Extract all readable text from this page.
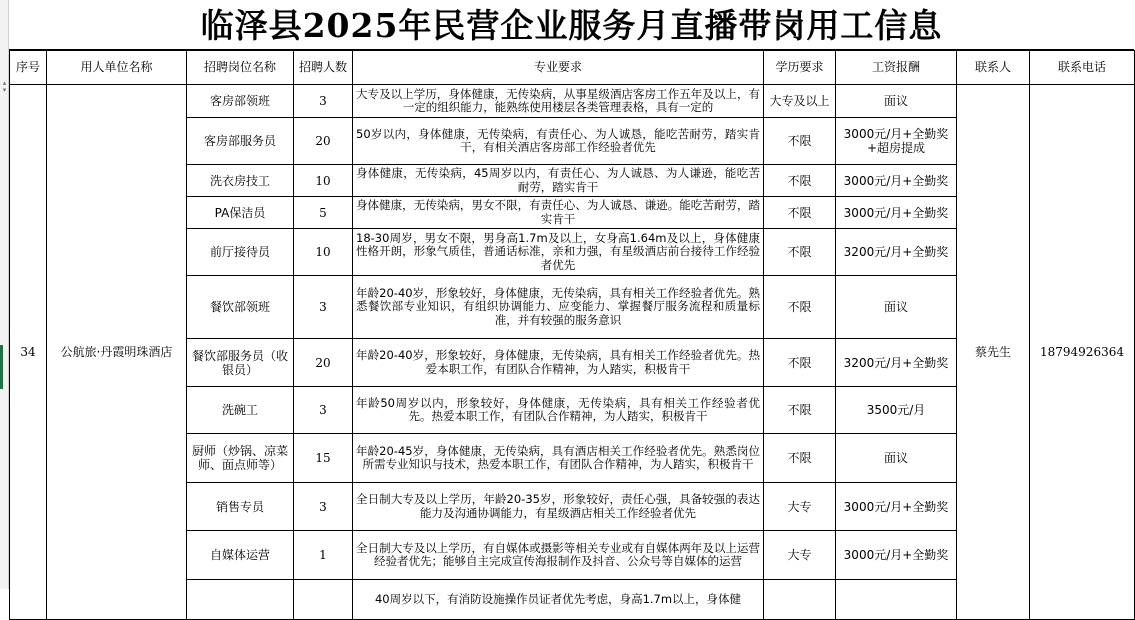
▴
▾
临泽县2025年民营企业服务月直播带岗用工信息
序号	用人单位名称	招聘岗位名称	招聘人数	专业要求	学历要求	工资报酬	联系人	联系电话
34	公航旅·丹霞明珠酒店	客房部领班	3	大专及以上学历，身体健康，无传染病，从事星级酒店客房工作五年及以上，有一定的组织能力，能熟练使用楼层各类管理表格，具有一定的	大专及以上	面议	蔡先生	18794926364
		客房部服务员	20	50岁以内，身体健康，无传染病，有责任心、为人诚恳，能吃苦耐劳，踏实肯干，有相关酒店客房部工作经验者优先	不限	3000元/月+全勤奖+超房提成		
		洗衣房技工	10	身体健康，无传染病，45周岁以内，有责任心、为人诚恳、为人谦逊，能吃苦耐劳，踏实肯干	不限	3000元/月+全勤奖		
		PA保洁员	5	身体健康，无传染病，男女不限，有责任心、为人诚恳、谦逊。能吃苦耐劳，踏实肯干	不限	3000元/月+全勤奖		
		前厅接待员	10	18-30周岁，男女不限，男身高1.7m及以上，女身高1.64m及以上，身体健康性格开朗，形象气质佳，普通话标准，亲和力强，有星级酒店前台接待工作经验者优先	不限	3200元/月+全勤奖		
		餐饮部领班	3	年龄20-40岁，形象较好，身体健康，无传染病，具有相关工作经验者优先。熟悉餐饮部专业知识，有组织协调能力、应变能力、掌握餐厅服务流程和质量标准，并有较强的服务意识	不限	面议		
		餐饮部服务员（收银员）	20	年龄20-40岁，形象较好，身体健康，无传染病，具有相关工作经验者优先。热爱本职工作，有团队合作精神，为人踏实，积极肯干	不限	3200元/月+全勤奖		
		洗碗工	3	年龄50周岁以内，形象较好，身体健康，无传染病，具有相关工作经验者优先。热爱本职工作，有团队合作精神，为人踏实，积极肯干	不限	3500元/月		
		厨师（炒锅、凉菜师、面点师等）	15	年龄20-45岁，身体健康，无传染病，具有酒店相关工作经验者优先。熟悉岗位所需专业知识与技术，热爱本职工作，有团队合作精神，为人踏实，积极肯干	不限	面议		
		销售专员	3	全日制大专及以上学历，年龄20-35岁，形象较好，责任心强，具备较强的表达能力及沟通协调能力，有星级酒店相关工作经验者优先	大专	3000元/月+全勤奖		
		自媒体运营	1	全日制大专及以上学历，有自媒体或摄影等相关专业或有自媒体两年及以上运营经验者优先；能够自主完成宣传海报制作及抖音、公众号等自媒体的运营	大专	3000元/月+全勤奖		
				40周岁以下，有消防设施操作员证者优先考虑，身高1.7m以上，身体健				
